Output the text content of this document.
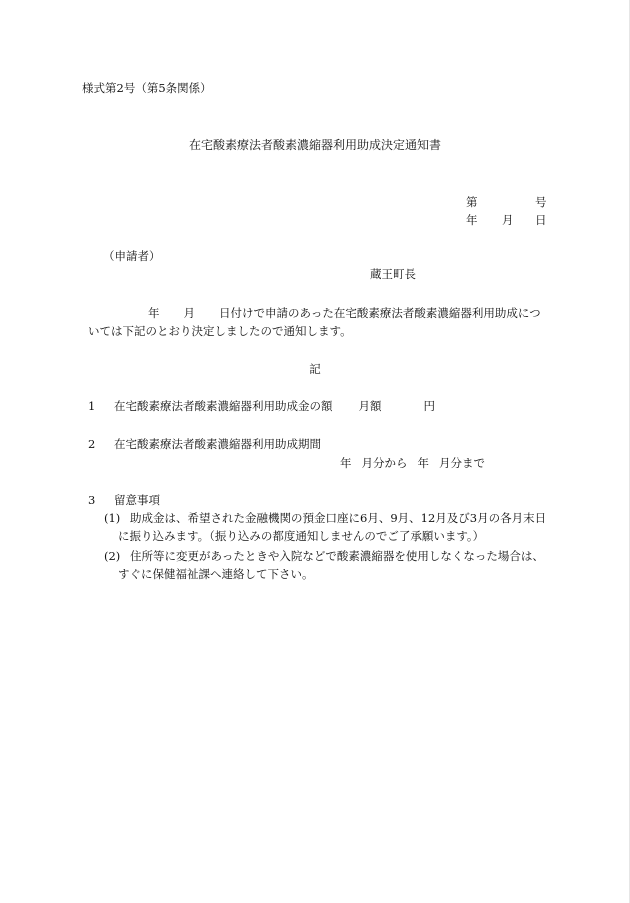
様式第2号（第5条関係）
在宅酸素療法者酸素濃縮器利用助成決定通知書
第	号
年 月 日
（申請者）
蔵王町長
年 月 日付けで申請のあった在宅酸素療法者酸素濃縮器利用助成につ
いては下記のとおり決定しましたので通知します。
記
1 在宅酸素療法者酸素濃縮器利用助成金の額 月額	円
2 在宅酸素療法者酸素濃縮器利用助成期間
年 月分から 年 月分まで
3 留意事項
(1) 助成金は、希望された金融機関の預金口座に6月、9月、12月及び3月の各月末日
に振り込みます。（振り込みの都度通知しませんのでご了承願います。）
(2) 住所等に変更があったときや入院などで酸素濃縮器を使用しなくなった場合は、
すぐに保健福祉課へ連絡して下さい。
